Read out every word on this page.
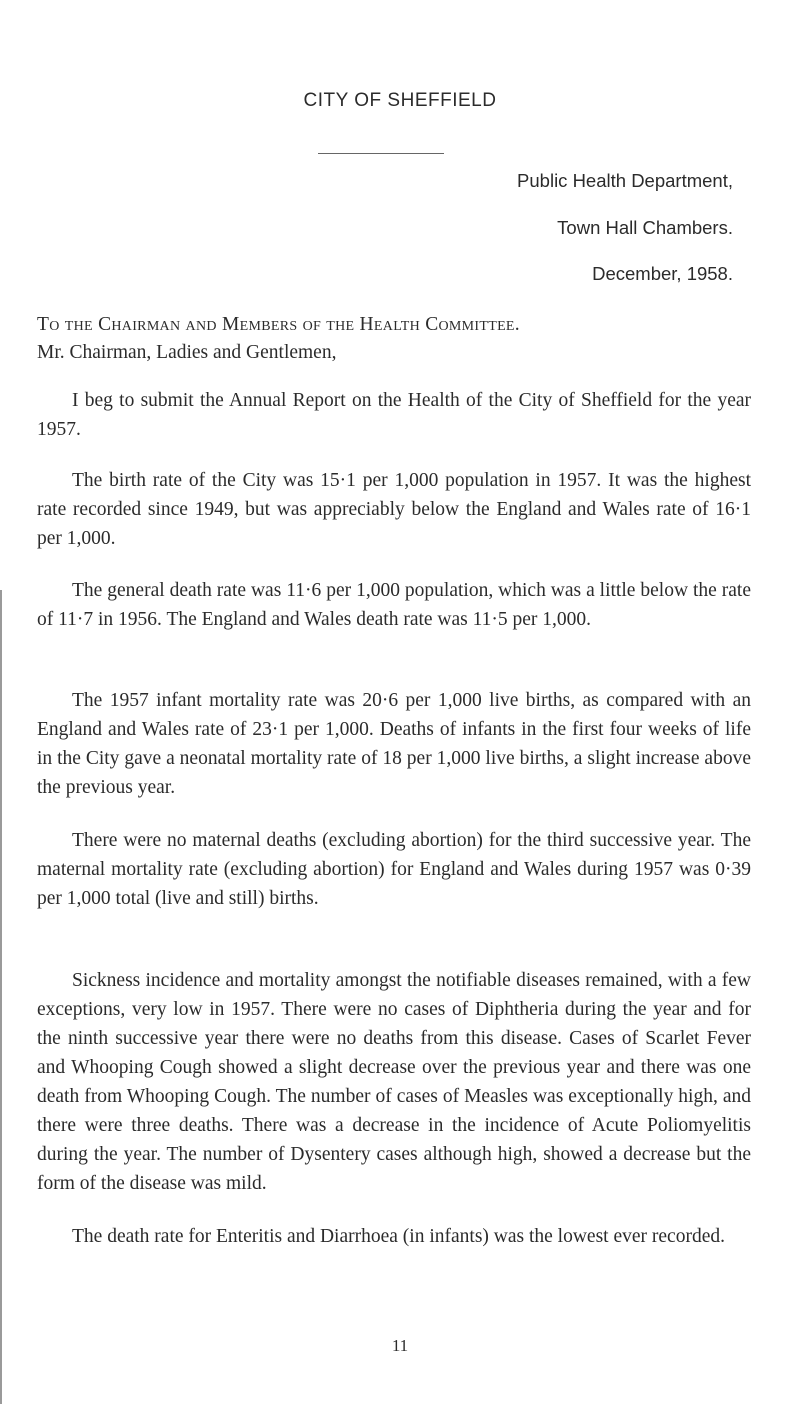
CITY OF SHEFFIELD
Public Health Department,
Town Hall Chambers.
December, 1958.
To the Chairman and Members of the Health Committee.
Mr. Chairman, Ladies and Gentlemen,

I beg to submit the Annual Report on the Health of the City of Sheffield for the year 1957.

The birth rate of the City was 15·1 per 1,000 population in 1957. It was the highest rate recorded since 1949, but was appreciably below the England and Wales rate of 16·1 per 1,000.

The general death rate was 11·6 per 1,000 population, which was a little below the rate of 11·7 in 1956. The England and Wales death rate was 11·5 per 1,000.

The 1957 infant mortality rate was 20·6 per 1,000 live births, as compared with an England and Wales rate of 23·1 per 1,000. Deaths of infants in the first four weeks of life in the City gave a neonatal mortality rate of 18 per 1,000 live births, a slight increase above the previous year.

There were no maternal deaths (excluding abortion) for the third successive year. The maternal mortality rate (excluding abortion) for England and Wales during 1957 was 0·39 per 1,000 total (live and still) births.

Sickness incidence and mortality amongst the notifiable diseases remained, with a few exceptions, very low in 1957. There were no cases of Diphtheria during the year and for the ninth successive year there were no deaths from this disease. Cases of Scarlet Fever and Whooping Cough showed a slight decrease over the previous year and there was one death from Whooping Cough. The number of cases of Measles was exceptionally high, and there were three deaths. There was a decrease in the incidence of Acute Poliomyelitis during the year. The number of Dysentery cases although high, showed a decrease but the form of the disease was mild.

The death rate for Enteritis and Diarrhoea (in infants) was the lowest ever recorded.

11
